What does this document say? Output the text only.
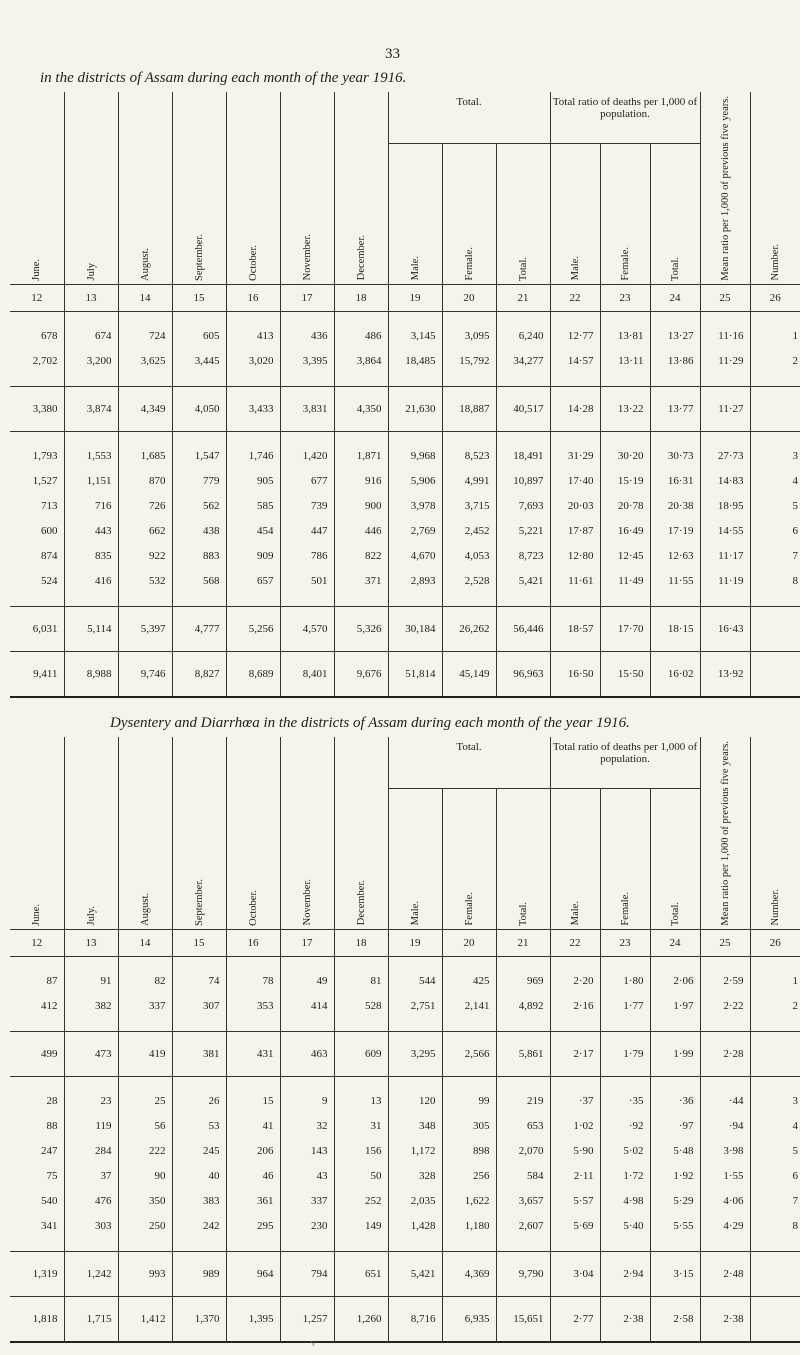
33
in the districts of Assam during each month of the year 1916.
Dysentery and Diarrhœa in the districts of Assam during each month of the year 1916.
June.	July	August.	September.	October.	November.	December.	Total.			Total ratio of deaths per 1,000 of population.			Mean ratio per 1,000 of previous five years.	Number.
							Male.	Female.	Total.	Male.	Female.	Total.		
12	13	14	15	16	17	18	19	20	21	22	23	24	25	26

678	674	724	605	413	436	486	3,145	3,095	6,240	12·77	13·81	13·27	11·16	1
2,702	3,200	3,625	3,445	3,020	3,395	3,864	18,485	15,792	34,277	14·57	13·11	13·86	11·29	2

3,380	3,874	4,349	4,050	3,433	3,831	4,350	21,630	18,887	40,517	14·28	13·22	13·77	11·27	

1,793	1,553	1,685	1,547	1,746	1,420	1,871	9,968	8,523	18,491	31·29	30·20	30·73	27·73	3
1,527	1,151	870	779	905	677	916	5,906	4,991	10,897	17·40	15·19	16·31	14·83	4
713	716	726	562	585	739	900	3,978	3,715	7,693	20·03	20·78	20·38	18·95	5
600	443	662	438	454	447	446	2,769	2,452	5,221	17·87	16·49	17·19	14·55	6
874	835	922	883	909	786	822	4,670	4,053	8,723	12·80	12·45	12·63	11·17	7
524	416	532	568	657	501	371	2,893	2,528	5,421	11·61	11·49	11·55	11·19	8

6,031	5,114	5,397	4,777	5,256	4,570	5,326	30,184	26,262	56,446	18·57	17·70	18·15	16·43	
9,411	8,988	9,746	8,827	8,689	8,401	9,676	51,814	45,149	96,963	16·50	15·50	16·02	13·92	
June.	July.	August.	September.	October.	November.	December.	Total.			Total ratio of deaths per 1,000 of population.			Mean ratio per 1,000 of previous five years.	Number.
							Male.	Female.	Total.	Male.	Female.	Total.		
12	13	14	15	16	17	18	19	20	21	22	23	24	25	26

87	91	82	74	78	49	81	544	425	969	2·20	1·80	2·06	2·59	1
412	382	337	307	353	414	528	2,751	2,141	4,892	2·16	1·77	1·97	2·22	2

499	473	419	381	431	463	609	3,295	2,566	5,861	2·17	1·79	1·99	2·28	

28	23	25	26	15	9	13	120	99	219	·37	·35	·36	·44	3
88	119	56	53	41	32	31	348	305	653	1·02	·92	·97	·94	4
247	284	222	245	206	143	156	1,172	898	2,070	5·90	5·02	5·48	3·98	5
75	37	90	40	46	43	50	328	256	584	2·11	1·72	1·92	1·55	6
540	476	350	383	361	337	252	2,035	1,622	3,657	5·57	4·98	5·29	4·06	7
341	303	250	242	295	230	149	1,428	1,180	2,607	5·69	5·40	5·55	4·29	8

1,319	1,242	993	989	964	794	651	5,421	4,369	9,790	3·04	2·94	3·15	2·48	
1,818	1,715	1,412	1,370	1,395	1,257	1,260	8,716	6,935	15,651	2·77	2·38	2·58	2·38	
˅
